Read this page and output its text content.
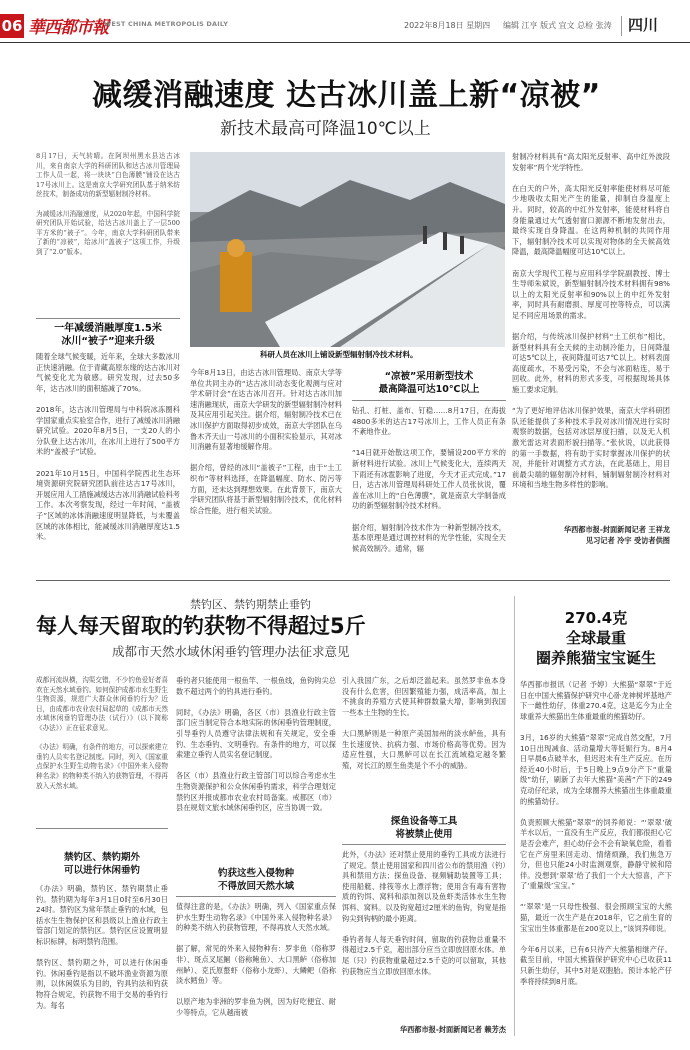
06 華西都市報
WEST CHINA METROPOLIS DAILY	2022年8月18日 星期四 编辑 江亨 版式 宜文 总检 张涛 四川
减缓消融速度 达古冰川盖上新“凉被”
新技术最高可降温10℃以上
8月17日，天气转晴。在阿坝州黑水县达古冰川，来自南京大学的科研团队和达古冰川管理局工作人员一起，将一块块“白色薄膜”铺设在达古17号冰川上。这是南京大学研究团队基于纳米纺丝技术，制备成功的新型辐射制冷材料。

为减缓冰川消融速度，从2020年起，中国科学院研究团队开始试验，给达古冰川盖上了一层500平方米的“被子”。今年，南京大学科研团队带来了新的“凉被”，给冰川“盖被子”这项工作，升级到了“2.0”版本。
一年减缓消融厚度1.5米
冰川“被子”迎来升级
随着全球气候变暖，近年来，全球大多数冰川正快速消融。位于青藏高原东缘的达古冰川对气候变化尤为敏感。研究发现，过去50多年，达古冰川的面积缩减了70%。

2018年，达古冰川管理局与中科院冰冻圈科学国家重点实验室合作，进行了减缓冰川消融研究试验。2020年8月5日，一支20人的小分队登上达古冰川，在冰川上进行了500平方米的“盖被子”试验。

2021年10月15日，中国科学院西北生态环境资源研究院研究团队前往达古17号冰川，开展应用人工措施减缓达古冰川消融试验科考工作。本次考察发现，经过一年时间，“盖被子”区域的冰体消融速度明显降低，与未覆盖区域的冰体相比，能减缓冰川消融厚度达1.5米。
科研人员在冰川上铺设新型辐射制冷技术材料。
今年8月13日，由达古冰川管理局、南京大学等单位共同主办的“达古冰川动态变化观测与应对学术研讨会”在达古冰川召开。针对达古冰川加速消融现状，南京大学研发的新型辐射制冷材料及其应用引起关注。据介绍，辐射制冷技术已在冰川保护方面取得初步成效，南京大学团队在乌鲁木齐天山一号冰川的小面积实验显示，其对冰川消融有显著地缓解作用。

据介绍，曾经的冰川“盖被子”工程，由于“土工织布”等材料选择，在降温幅度、防水、防污等方面，还未达到理想效果。在此背景下，南京大学研究团队将基于新型辐射制冷技术，优化材料综合性能，进行相关试验。
“凉被”采用新型技术
最高降温可达10℃以上
钻孔、打桩、盖布、钉稳……8月17日，在海拔4800多米的达古17号冰川上，工作人员正有条不紊地作业。

“14日就开始散这项工作，要铺设200平方米的新材料进行试验。冰川上气候变化大，连续两天下雨还有冰雹影响了进度，今天才正式完成。”17日，达古冰川管理局科研处工作人员张伙说，覆盖在冰川上的“白色薄膜”，就是南京大学制备成功的新型辐射制冷技术材料。

据介绍，辐射制冷技术作为一种新型制冷技术，基本原理是通过调控材料的光学性能，实现全天候高效制冷。通常，辐
射制冷材料具有“高太阳光反射率、高中红外波段发射率”两个光学特性。

在白天的户外，高太阳光反射率能使材料尽可能少地吸收太阳光产生的能量，抑制自身温度上升。同时，较高的中红外发射率，能使材料将自身能量通过大气透射窗口源源不断地发射出去，最终实现自身降温。在这两种机制的共同作用下，辐射制冷技术可以实现对物体的全天候高效降温，最高降温幅度可达10℃以上。

南京大学现代工程与应用科学学院副教授、博士生导师朱斌说，新型辐射制冷技术材料拥有98%以上的太阳光反射率和90%以上的中红外发射率，同时具有耐磨损、厚度可控等特点，可以满足不同应用场景的需求。

据介绍，与传统冰川保护材料“土工织布”相比，新型材料具有全天候的主动制冷能力，日间降温可达5℃以上，夜间降温可达7℃以上。材料表面高度疏水，不易受污染，不会与冰面粘连，易于回收。此外，材料的形式多变，可根据现场具体施工要求定制。

“为了更好地评估冰川保护效果，南京大学科研团队还能提供了多种技术手段对冰川情况进行实时观察的数据，包括对冰层厚度扫描，以及无人机激光雷达对表面形貌扫描等。”张伙说，以此获得的第一手数据，将有助于实时掌握冰川保护的状况，并能针对调整方式方法，在此基础上，用目前最尖端的辐射制冷材料，铺制辐射制冷材料对环境和当地生物多样性的影响。
华西都市报-封面新闻记者 王祥龙
见习记者 冷宇 受访者供图
禁钓区、禁钓期禁止垂钓
每人每天留取的钓获物不得超过5斤
成都市天然水域休闲垂钓管理办法征求意见
成都河流纵横，沟渠交错，不少钓鱼爱好者喜欢在天然水域垂钓。如何保护成都市水生野生生物资源，规范广大群众休闲垂钓行为？近日，由成都市农业农村局起草的《成都市天然水域休闲垂钓管理办法（试行）》（以下简称《办法》）正在征求意见。

《办法》明确，有条件的地方，可以探索建立垂钓人员实名登记制度。同时，列入《国家重点保护水生野生动物名录》《中国外来入侵物种名录》的物种类不纳入钓获物管理，不得再放入天然水域。
禁钓区、禁钓期外
可以进行休闲垂钓
《办法》明确，禁钓区、禁钓期禁止垂钓。禁钓期为每年3月1日0时至6月30日24时。禁钓区为常年禁止垂钓的水域，包括水生生物保护区和县级以上渔业行政主管部门划定的禁钓区。禁钓区应设置明显标识标牌，标明禁钓范围。

禁钓区、禁钓期之外，可以进行休闲垂钓。休闲垂钓是指以不破坏渔业资源为原则，以休闲娱乐为目的，钓具钓法和钓获物符合规定，钓获物不用于交易的垂钓行为。每名
垂钓者只能使用一根鱼竿、一根鱼线，鱼钩钩尖总数不超过两个的钓具进行垂钓。

同时，《办法》明确，各区（市）县渔业行政主管部门应当制定符合本地实际的休闲垂钓管理制度，引导垂钓人员遵守法律法规和有关规定，安全垂钓、生态垂钓、文明垂钓。有条件的地方，可以探索建立垂钓人员实名登记制度。

各区（市）县渔业行政主管部门可以综合考虑水生生物资源保护和公众休闲垂钓需求，科学合理划定禁钓区并报成都市农业农村局备案。戒都区（市）县在规划文旅水域休闲垂钓区，应当协调一致。
钓获这些入侵物种
不得放回天然水域
值得注意的是，《办法》明确，列入《国家重点保护水生野生动物名录》《中国外来入侵物种名录》的种类不纳入钓获物管理，不得再放人天然水域。

据了解，常见的外来入侵物种有：罗非鱼（俗称罗非）、斑点叉尾鮰（俗称鲍鱼）、大口黑鲈（俗称加州鲈）、克氏原螯虾（俗称小龙虾）、大鳞鲃（俗称淡水鳕鱼）等。

以原产地为非洲的罗非鱼为例，因为好吃便宜、耐少等特点，它从越南被
引入我国广东，之后却泛滥起来。虽然罗非鱼本身没有什么危害，但因繁殖能力强，成活率高，加上不挑食的养殖方式使其种群数量大增，影响到我国一些本土生物的生长。

大口黑鲈则是一种原产美国加州的淡水鲈鱼，具有生长速度快、抗病力强、市场价格高等优势。因为适应性强，大口黑鲈可以在长江流域稳定越冬繁殖，对长江的原生鱼类是个不小的威胁。
探鱼设备等工具
将被禁止使用
此外，《办法》还对禁止使用的垂钓工具成方法进行了规定。禁止使用国家和四川省公布的禁用渔（钓）具和禁用方法；探鱼设备、视频辅助装置等工具；使用船艇、排筏等水上漂浮物；使用含有毒有害物质的钓饵、窝料和添加剂以及鱼虾类活体水生生物饵料、窝料。以及钩宽超过2厘米的鱼钩，钩宽是指钩尖到钩柄的最小距离。

垂钓者每人每天垂钓时间，留取的钓获物总重量不得超过2.5千克，超出部分应当立即放回原水体。单尾（只）钓获物重量超过2.5千克的可以留取，其他钓获物应当立即放回原水体。
华西都市报-封面新闻记者 赖芳杰
270.4克
全球最重
圈养熊猫宝宝诞生
华西都市报讯（记者 予婷）大熊猫“翠翠”于近日在中国大熊猫保护研究中心卧龙神树坪基地产下一雌性幼仔，体重270.4克，这是迄今为止全球重养大熊猫出生体重最重的熊猫幼仔。

3月，16岁的大熊猫“翠翠”完成自然交配，7月10日出现减食、活动量增大等妊娠行为。8月4日早晨6点破羊水，但迟迟未有生产反应。在历经近40小时后，于5日晚上9点9分产下“重量级”幼仔，刷新了去年大熊猫“美茜”产下的249克动仔纪录，成为全球圈养大熊猫出生体重最重的熊猫幼仔。

负责照顾大熊猫“翠翠”的饲养师说：“‘翠翠’破羊水以后，一直没有生产反应，我们都很担心它是否会难产，担心幼仔会不会有缺氧危险，看着它在产房里来回走动、情绪烦躁，我们焦急万分，但也只能24小时监测观察，静静守候和陪伴。没想到‘翠翠’给了我们一个大大惊喜，产下了‘重量级’宝宝。”

“‘翠翠’是一只母性极强、很会照顾宝宝的大熊猫，最近一次生产是在2018年，它之前生育的宝宝出生体重都是在200克以上，”该饲养师说。

今年6月以来，已有6只待产大熊猫相继产仔。截至目前，中国大熊猫保护研究中心已收获11只新生幼仔，其中5对是双胞胎。预计本轮产仔季将持续到8月底。
